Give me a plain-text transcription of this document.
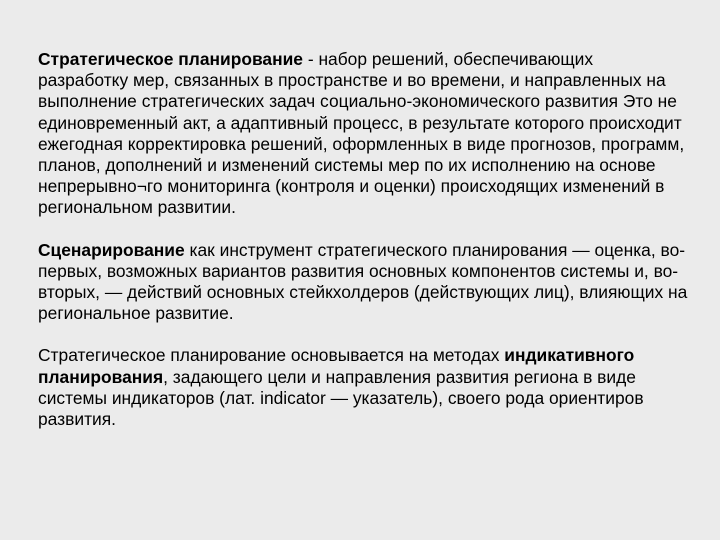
Стратегическое планирование - набор решений, обеспечивающих разработку мер, связанных в пространстве и во времени, и направленных на выполнение стратегических задач социально-экономического развития Это не единовременный акт, а адаптивный процесс, в результате которого происходит ежегодная корректировка решений, оформленных в виде прогнозов, программ, планов, дополнений и изменений системы мер по их исполнению на основе непрерывно¬го мониторинга (контроля и оценки) происходящих изменений в региональном развитии.

Сценарирование как инструмент стратегического планирования — оценка, во-первых, возможных вариантов развития основных компонентов системы и, во-вторых, — действий основных стейкхолдеров (действующих лиц), влияющих на региональное развитие.

Стратегическое планирование основывается на методах индикативного планирования, задающего цели и направления развития региона в виде системы индикаторов (лат. indicator — указатель), своего рода ориентиров развития.
